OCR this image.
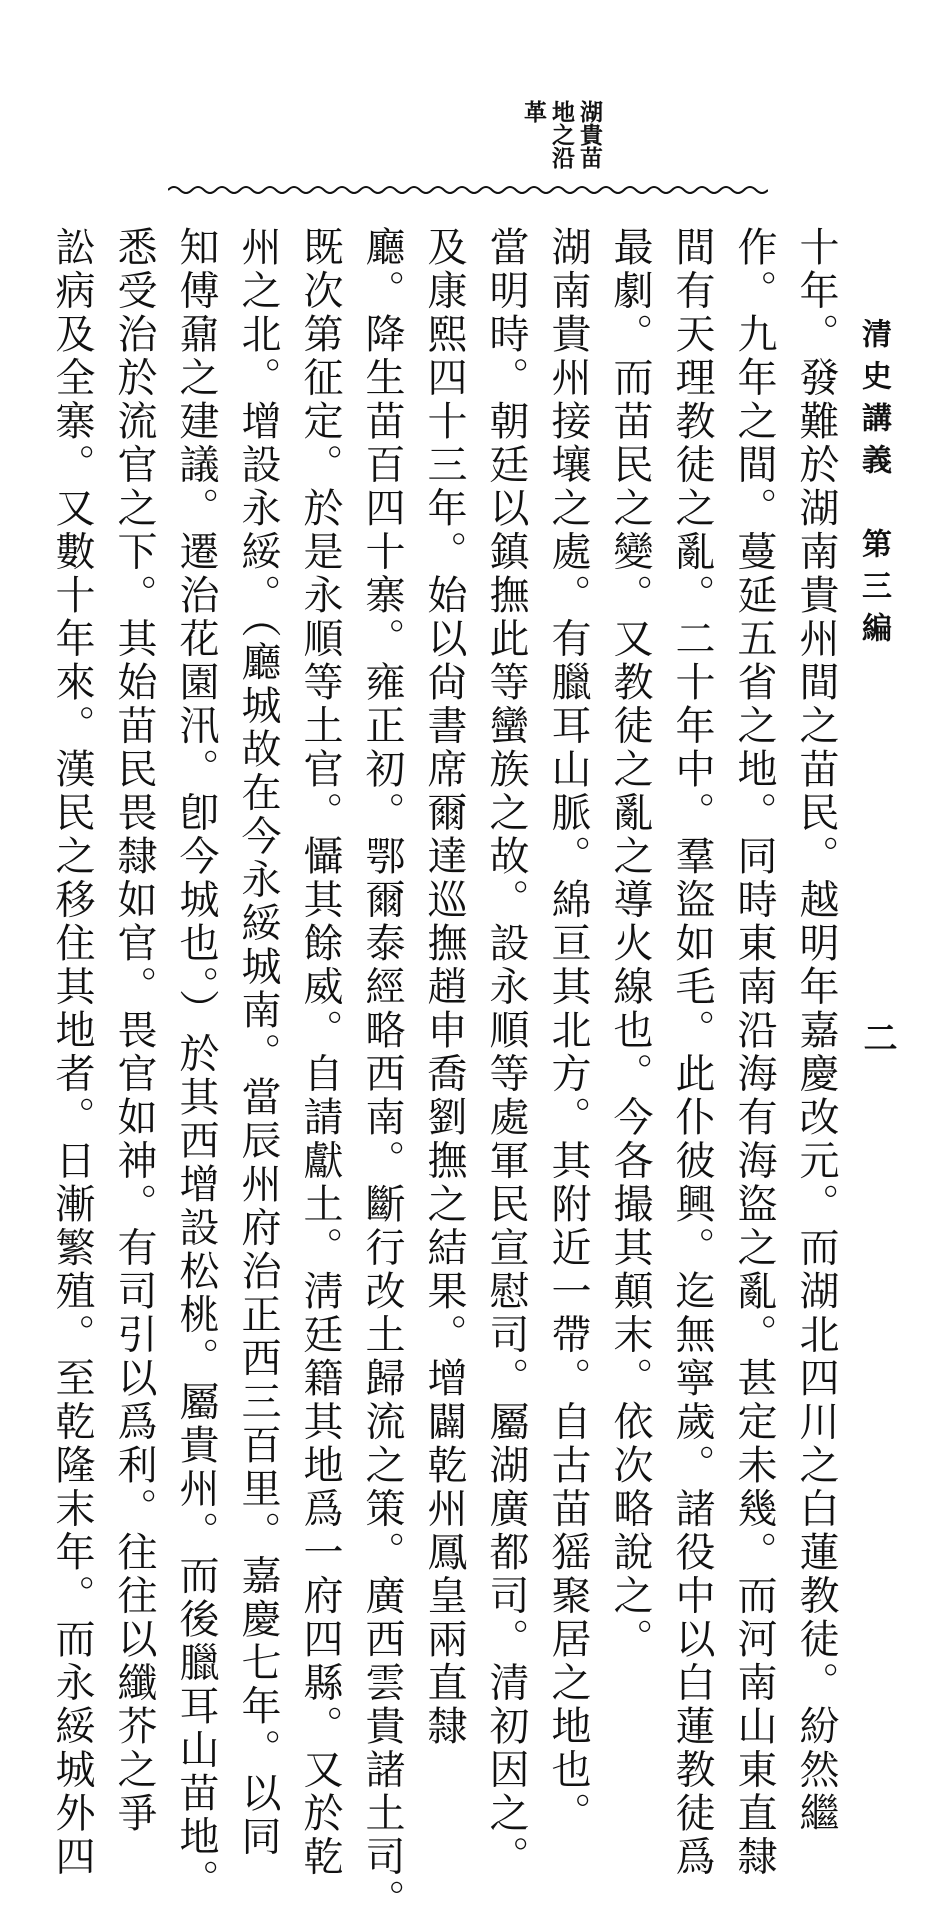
清史講義　第三編
二
湖貴苗
地之沿
革
十年。發難於湖南貴州間之苗民。越明年嘉慶改元。而湖北四川之白蓮教徒。紛然繼
作。九年之間。蔓延五省之地。同時東南沿海有海盜之亂。甚定未幾。而河南山東直隸
間有天理教徒之亂。二十年中。羣盜如毛。此仆彼興。迄無寧歲。諸役中以白蓮教徒爲
最劇。而苗民之變。又教徒之亂之導火線也。今各撮其顛末。依次略說之。
湖南貴州接壤之處。有臘耳山脈。綿亘其北方。其附近一帶。自古苗猺聚居之地也。
當明時。朝廷以鎮撫此等蠻族之故。設永順等處軍民宣慰司。屬湖廣都司。清初因之。
及康熙四十三年。始以尙書席爾達巡撫趙申喬劉撫之結果。增闢乾州鳳皇兩直隸
廳。降生苗百四十寨。雍正初。鄂爾泰經略西南。斷行改土歸流之策。廣西雲貴諸土司。
既次第征定。於是永順等土官。懾其餘威。自請獻土。淸廷籍其地爲一府四縣。又於乾
州之北。增設永綏。（廳城故在今永綏城南。當辰州府治正西三百里。嘉慶七年。以同
知傅鼐之建議。遷治花園汛。卽今城也。）於其西增設松桃。屬貴州。而後臘耳山苗地。
悉受治於流官之下。其始苗民畏隸如官。畏官如神。有司引以爲利。往往以纖芥之爭
訟病及全寨。又數十年來。漢民之移住其地者。日漸繁殖。至乾隆末年。而永綏城外四
